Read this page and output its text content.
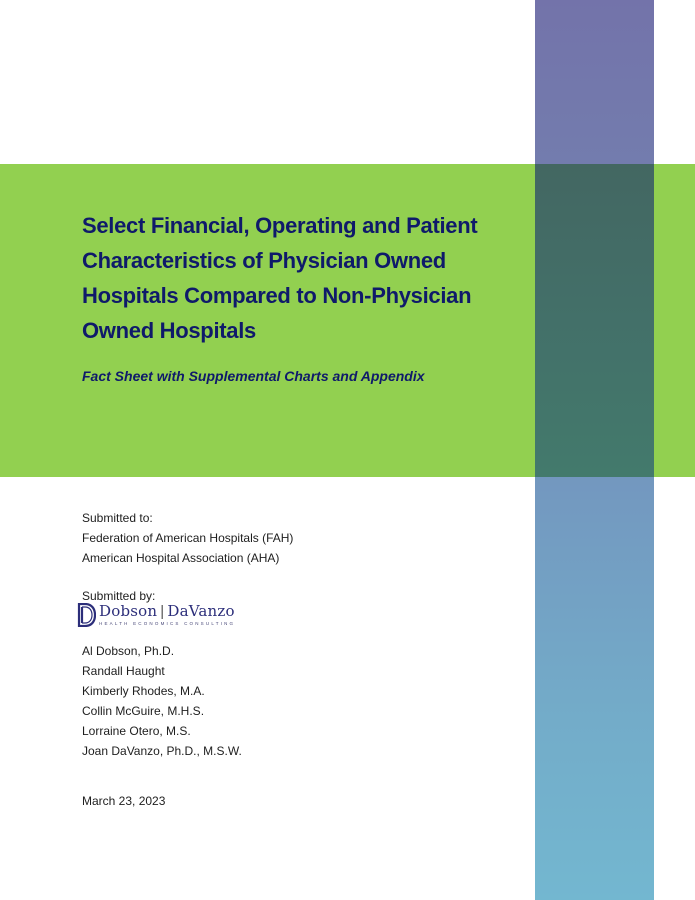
Select Financial, Operating and Patient
Characteristics of Physician Owned
Hospitals Compared to Non-Physician
Owned Hospitals
Fact Sheet with Supplemental Charts and Appendix
Submitted to:
Federation of American Hospitals (FAH)
American Hospital Association (AHA)
Submitted by:
Dobson | DaVanzo
HEALTH ECONOMICS CONSULTING
Al Dobson, Ph.D.
Randall Haught
Kimberly Rhodes, M.A.
Collin McGuire, M.H.S.
Lorraine Otero, M.S.
Joan DaVanzo, Ph.D., M.S.W.
March 23, 2023
